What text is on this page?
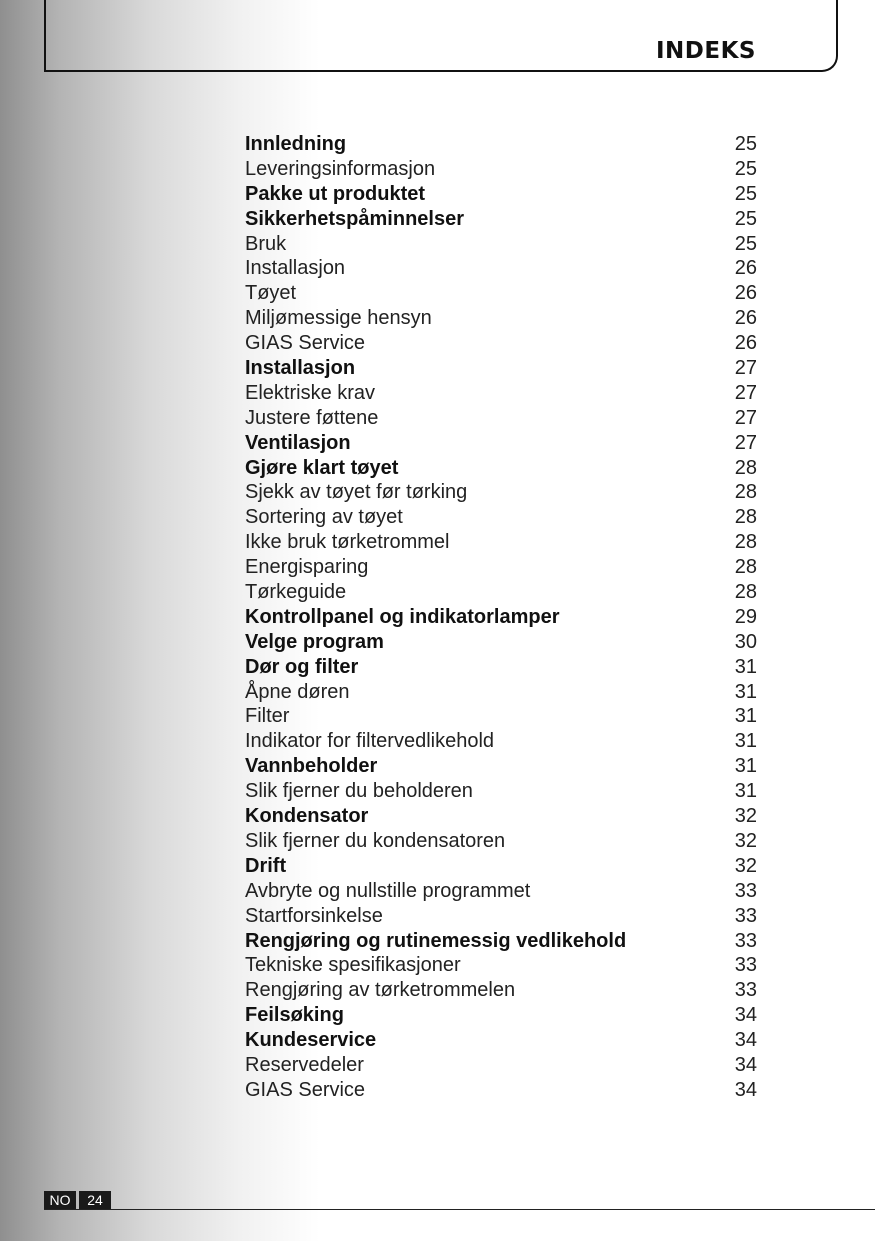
INDEKS
Innledning	25
Leveringsinformasjon	25
Pakke ut produktet	25
Sikkerhetspåminnelser	25
Bruk	25
Installasjon	26
Tøyet	26
Miljømessige hensyn	26
GIAS Service	26
Installasjon	27
Elektriske krav	27
Justere føttene	27
Ventilasjon	27
Gjøre klart tøyet	28
Sjekk av tøyet før tørking	28
Sortering av tøyet	28
Ikke bruk tørketrommel	28
Energisparing	28
Tørkeguide	28
Kontrollpanel og indikatorlamper	29
Velge program	30
Dør og filter	31
Åpne døren	31
Filter	31
Indikator for filtervedlikehold	31
Vannbeholder	31
Slik fjerner du beholderen	31
Kondensator	32
Slik fjerner du kondensatoren	32
Drift	32
Avbryte og nullstille programmet	33
Startforsinkelse	33
Rengjøring og rutinemessig vedlikehold	33
Tekniske spesifikasjoner	33
Rengjøring av tørketrommelen	33
Feilsøking	34
Kundeservice	34
Reservedeler	34
GIAS Service	34
NO	24
